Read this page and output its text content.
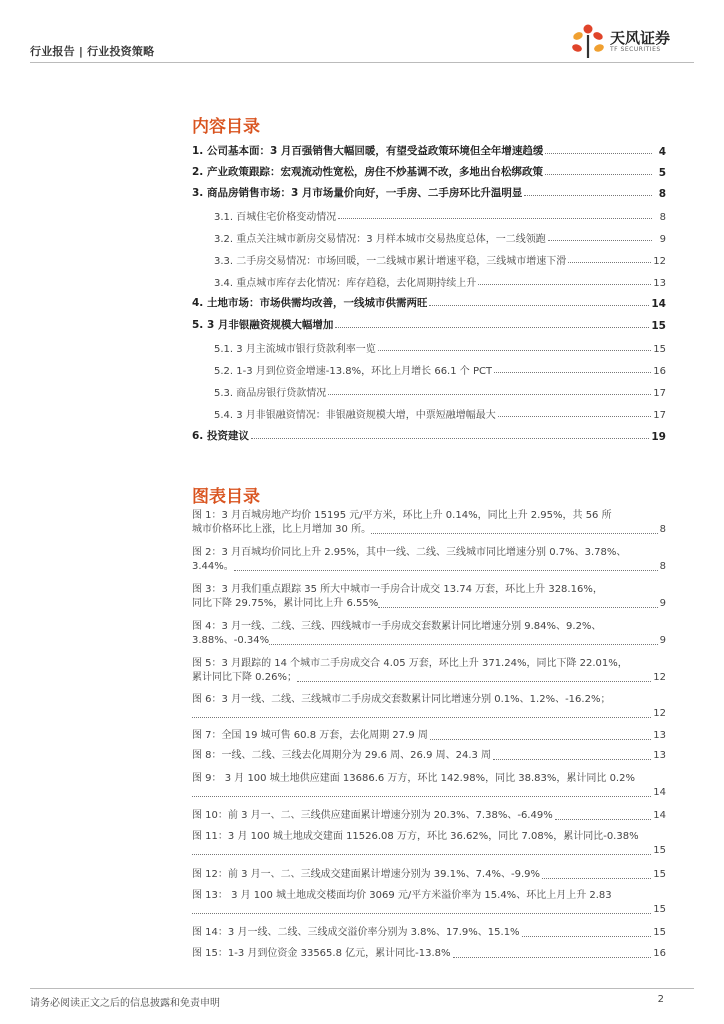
行业报告 | 行业投资策略
天风证券
TF SECURITIES
内容目录
1. 公司基本面：3 月百强销售大幅回暖，有望受益政策环境但全年增速趋缓	4
2. 产业政策跟踪：宏观流动性宽松，房住不炒基调不改，多地出台松绑政策	5
3. 商品房销售市场：3 月市场量价向好，一手房、二手房环比升温明显	8
3.1. 百城住宅价格变动情况	8
3.2. 重点关注城市新房交易情况：3 月样本城市交易热度总体，一二线领跑	9
3.3. 二手房交易情况：市场回暖，一二线城市累计增速平稳，三线城市增速下滑	12
3.4. 重点城市库存去化情况：库存趋稳，去化周期持续上升	13
4. 土地市场：市场供需均改善，一线城市供需两旺	14
5. 3 月非银融资规模大幅增加	15
5.1. 3 月主流城市银行贷款利率一览	15
5.2. 1-3 月到位资金增速-13.8%，环比上月增长 66.1 个 PCT	16
5.3. 商品房银行贷款情况	17
5.4. 3 月非银融资情况：非银融资规模大增，中票短融增幅最大	17
6. 投资建议	19
图表目录
图 1：3 月百城房地产均价 15195 元/平方米，环比上升 0.14%，同比上升 2.95%，共 56 所
城市价格环比上涨，比上月增加 30 所。	8
图 2：3 月百城均价同比上升 2.95%，其中一线、二线、三线城市同比增速分别 0.7%、3.78%、
3.44%。	8
图 3：3 月我们重点跟踪 35 所大中城市一手房合计成交 13.74 万套，环比上升 328.16%，
同比下降 29.75%，累计同比上升 6.55%	9
图 4：3 月一线、二线、三线、四线城市一手房成交套数累计同比增速分别 9.84%、9.2%、
3.88%、-0.34%	9
图 5：3 月跟踪的 14 个城市二手房成交合 4.05 万套，环比上升 371.24%，同比下降 22.01%，
累计同比下降 0.26%；	12
图 6：3 月一线、二线、三线城市二手房成交套数累计同比增速分别 0.1%、1.2%、-16.2%；
12
图 7：全国 19 城可售 60.8 万套，去化周期 27.9 周	13
图 8：一线、二线、三线去化周期分为 29.6 周、26.9 周、24.3 周	13
图 9： 3 月 100 城土地供应建面 13686.6 万方，环比 142.98%，同比 38.83%，累计同比 0.2%
14
图 10：前 3 月一、二、三线供应建面累计增速分别为 20.3%、7.38%、-6.49%	14
图 11：3 月 100 城土地成交建面 11526.08 万方，环比 36.62%，同比 7.08%，累计同比-0.38%
15
图 12：前 3 月一、二、三线成交建面累计增速分别为 39.1%、7.4%、-9.9%	15
图 13： 3 月 100 城土地成交楼面均价 3069 元/平方米溢价率为 15.4%、环比上月上升 2.83
15
图 14：3 月一线、二线、三线成交溢价率分别为 3.8%、17.9%、15.1%	15
图 15：1-3 月到位资金 33565.8 亿元，累计同比-13.8%	16
请务必阅读正文之后的信息披露和免责申明	2
